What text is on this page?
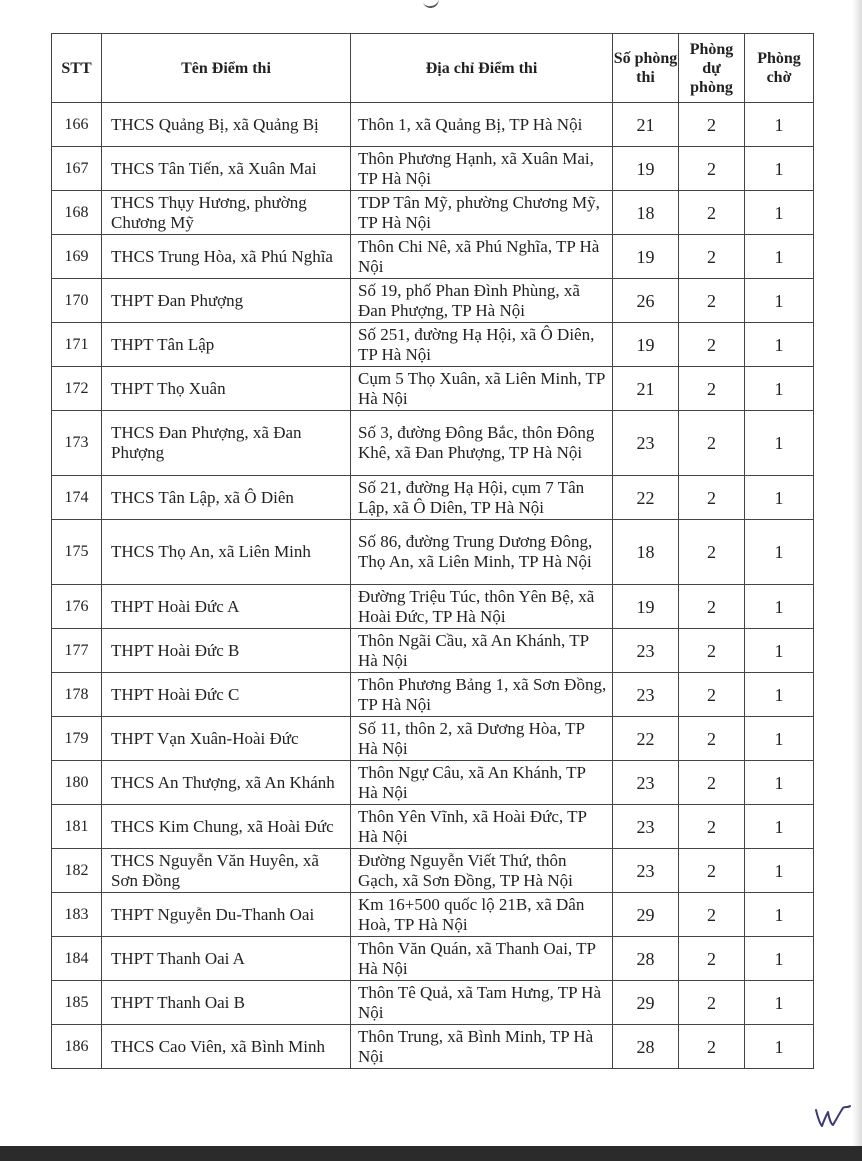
STT	Tên Điểm thi	Địa chỉ Điểm thi	Số phòng thi	Phòng dự phòng	Phòng chờ
166	THCS Quảng Bị, xã Quảng Bị	Thôn 1, xã Quảng Bị, TP Hà Nội	21	2	1
167	THCS Tân Tiến, xã Xuân Mai	Thôn Phương Hạnh, xã Xuân Mai, TP Hà Nội	19	2	1
168	THCS Thụy Hương, phường Chương Mỹ	TDP Tân Mỹ, phường Chương Mỹ, TP Hà Nội	18	2	1
169	THCS Trung Hòa, xã Phú Nghĩa	Thôn Chi Nê, xã Phú Nghĩa, TP Hà Nội	19	2	1
170	THPT Đan Phượng	Số 19, phố Phan Đình Phùng, xã Đan Phượng, TP Hà Nội	26	2	1
171	THPT Tân Lập	Số 251, đường Hạ Hội, xã Ô Diên, TP Hà Nội	19	2	1
172	THPT Thọ Xuân	Cụm 5 Thọ Xuân, xã Liên Minh, TP Hà Nội	21	2	1
173	THCS Đan Phượng, xã Đan Phượng	Số 3, đường Đông Bắc, thôn Đông Khê, xã Đan Phượng, TP Hà Nội	23	2	1
174	THCS Tân Lập, xã Ô Diên	Số 21, đường Hạ Hội, cụm 7 Tân Lập, xã Ô Diên, TP Hà Nội	22	2	1
175	THCS Thọ An, xã Liên Minh	Số 86, đường Trung Dương Đông, Thọ An, xã Liên Minh, TP Hà Nội	18	2	1
176	THPT Hoài Đức A	Đường Triệu Túc, thôn Yên Bệ, xã Hoài Đức, TP Hà Nội	19	2	1
177	THPT Hoài Đức B	Thôn Ngãi Cầu, xã An Khánh, TP Hà Nội	23	2	1
178	THPT Hoài Đức C	Thôn Phương Bảng 1, xã Sơn Đồng, TP Hà Nội	23	2	1
179	THPT Vạn Xuân-Hoài Đức	Số 11, thôn 2, xã Dương Hòa, TP Hà Nội	22	2	1
180	THCS An Thượng, xã An Khánh	Thôn Ngự Câu, xã An Khánh, TP Hà Nội	23	2	1
181	THCS Kim Chung, xã Hoài Đức	Thôn Yên Vĩnh, xã Hoài Đức, TP Hà Nội	23	2	1
182	THCS Nguyễn Văn Huyên, xã Sơn Đồng	Đường Nguyễn Viết Thứ, thôn Gạch, xã Sơn Đồng, TP Hà Nội	23	2	1
183	THPT Nguyễn Du-Thanh Oai	Km 16+500 quốc lộ 21B, xã Dân Hoà, TP Hà Nội	29	2	1
184	THPT Thanh Oai A	Thôn Văn Quán, xã Thanh Oai, TP Hà Nội	28	2	1
185	THPT Thanh Oai B	Thôn Tê Quả, xã Tam Hưng, TP Hà Nội	29	2	1
186	THCS Cao Viên, xã Bình Minh	Thôn Trung, xã Bình Minh, TP Hà Nội	28	2	1
